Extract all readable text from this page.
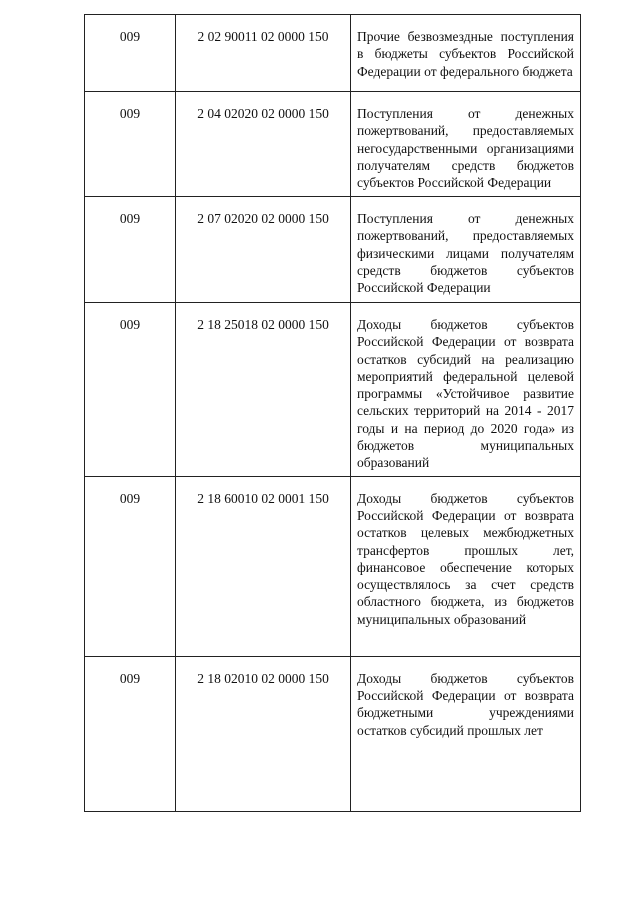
009	2 02 90011 02 0000 150	Прочие безвозмездные поступления в бюджеты субъектов Российской Федерации от федерального бюджета
009	2 04 02020 02 0000 150	Поступления от денежных пожертвований, предоставляемых негосударственными организациями получателям средств бюджетов субъектов Российской Федерации
009	2 07 02020 02 0000 150	Поступления от денежных пожертвований, предоставляемых физическими лицами получателям средств бюджетов субъектов Российской Федерации
009	2 18 25018 02 0000 150	Доходы бюджетов субъектов Российской Федерации от возврата остатков субсидий на реализацию мероприятий федеральной целевой программы «Устойчивое развитие сельских территорий на 2014 - 2017 годы и на период до 2020 года» из бюджетов муниципальных образований
009	2 18 60010 02 0001 150	Доходы бюджетов субъектов Российской Федерации от возврата остатков целевых межбюджетных трансфертов прошлых лет, финансовое обеспечение которых осуществлялось за счет средств областного бюджета, из бюджетов муниципальных образований
009	2 18 02010 02 0000 150	Доходы бюджетов субъектов Российской Федерации от возврата бюджетными учреждениями остатков субсидий прошлых лет
